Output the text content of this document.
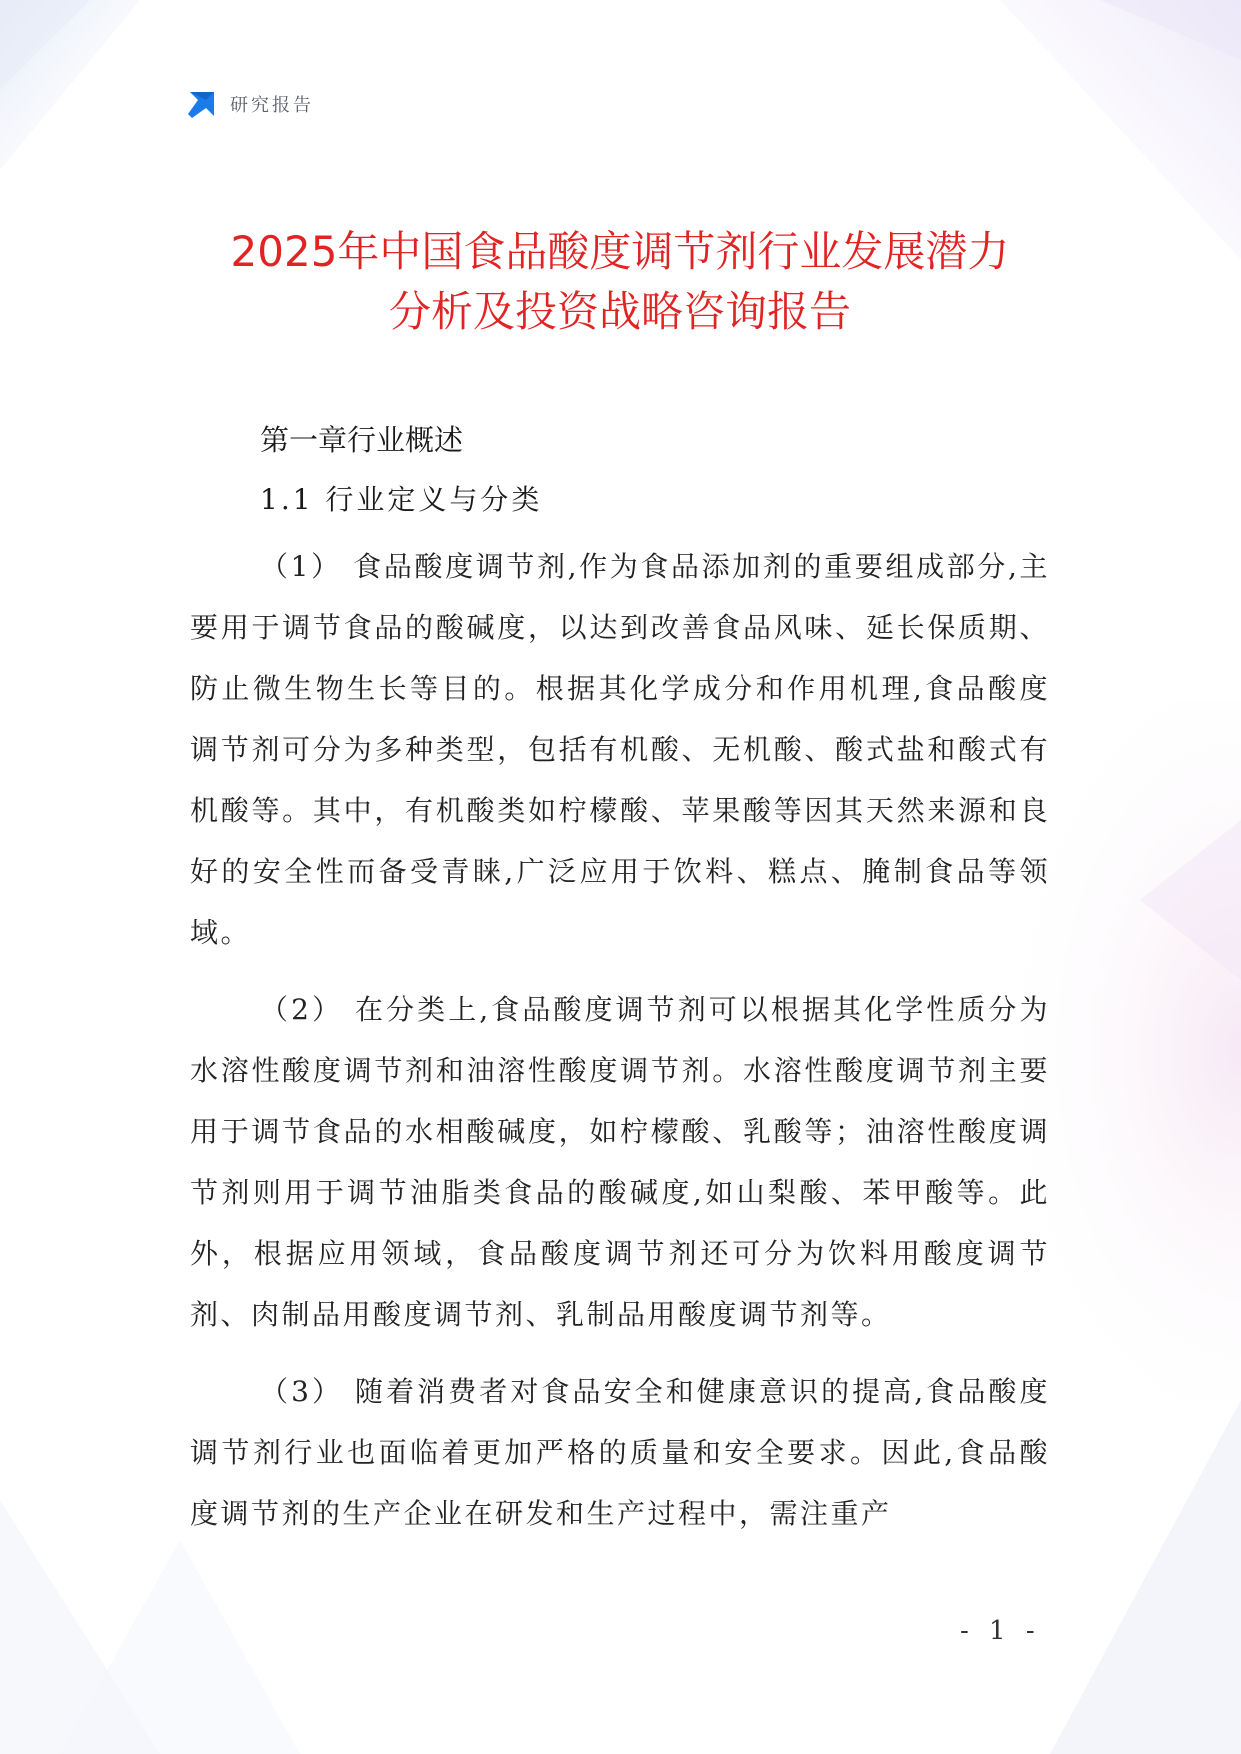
研究报告
2025年中国食品酸度调节剂行业发展潜力
分析及投资战略咨询报告
第一章行业概述
1.1 行业定义与分类

（1） 食品酸度调节剂,作为食品添加剂的重要组成部分,主要用于调节食品的酸碱度，以达到改善食品风味、延长保质期、防止微生物生长等目的。根据其化学成分和作用机理,食品酸度调节剂可分为多种类型，包括有机酸、无机酸、酸式盐和酸式有机酸等。其中，有机酸类如柠檬酸、苹果酸等因其天然来源和良好的安全性而备受青睐,广泛应用于饮料、糕点、腌制食品等领域。

（2） 在分类上,食品酸度调节剂可以根据其化学性质分为水溶性酸度调节剂和油溶性酸度调节剂。水溶性酸度调节剂主要用于调节食品的水相酸碱度，如柠檬酸、乳酸等；油溶性酸度调节剂则用于调节油脂类食品的酸碱度,如山梨酸、苯甲酸等。此外，根据应用领域，食品酸度调节剂还可分为饮料用酸度调节剂、肉制品用酸度调节剂、乳制品用酸度调节剂等。

（3） 随着消费者对食品安全和健康意识的提高,食品酸度调节剂行业也面临着更加严格的质量和安全要求。因此,食品酸度调节剂的生产企业在研发和生产过程中，需注重产

- 1 -
